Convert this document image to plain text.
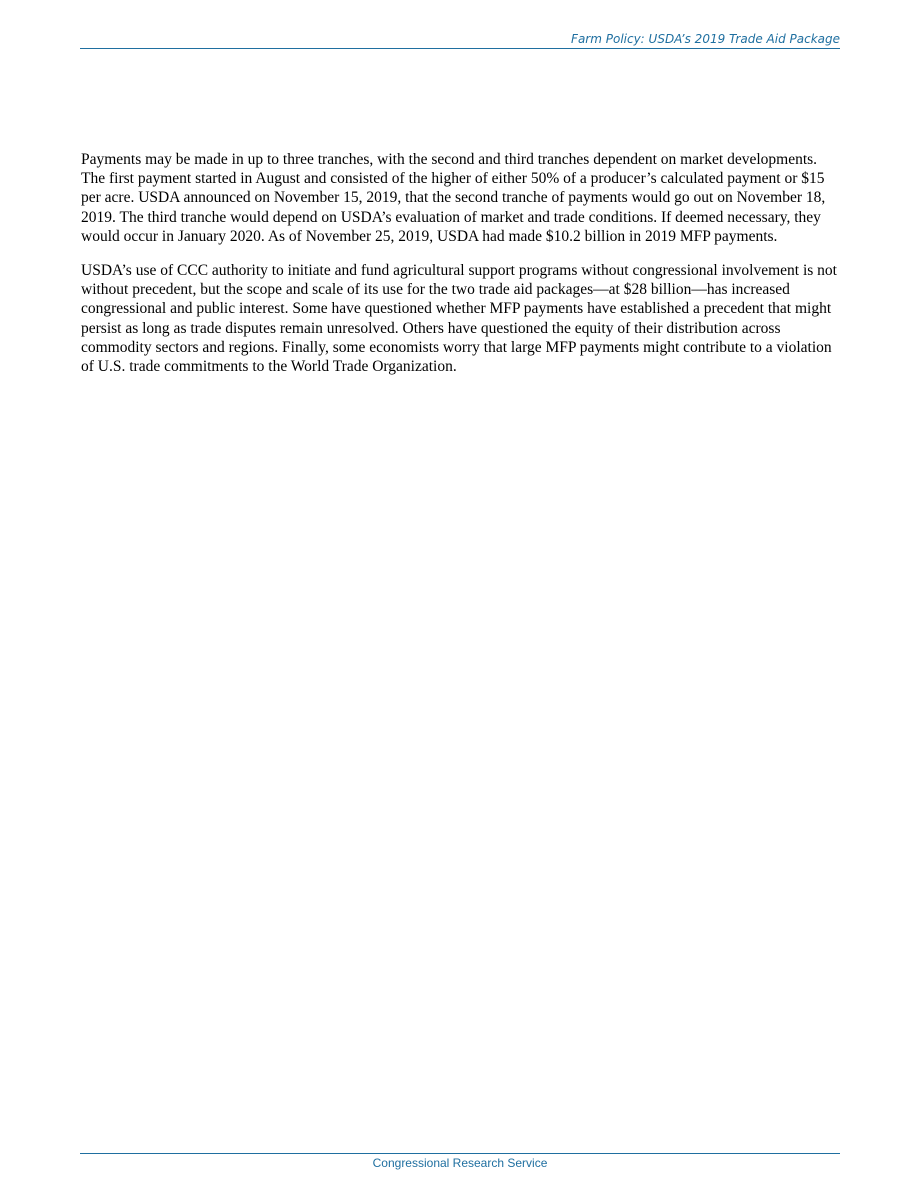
Farm Policy: USDA’s 2019 Trade Aid Package

Payments may be made in up to three tranches, with the second and third tranches dependent on market developments. The first payment started in August and consisted of the higher of either 50% of a producer’s calculated payment or $15 per acre. USDA announced on November 15, 2019, that the second tranche of payments would go out on November 18, 2019. The third tranche would depend on USDA’s evaluation of market and trade conditions. If deemed necessary, they would occur in January 2020. As of November 25, 2019, USDA had made $10.2 billion in 2019 MFP payments.

USDA’s use of CCC authority to initiate and fund agricultural support programs without congressional involvement is not without precedent, but the scope and scale of its use for the two trade aid packages—at $28 billion—has increased congressional and public interest. Some have questioned whether MFP payments have established a precedent that might persist as long as trade disputes remain unresolved. Others have questioned the equity of their distribution across commodity sectors and regions. Finally, some economists worry that large MFP payments might contribute to a violation of U.S. trade commitments to the World Trade Organization.

Congressional Research Service
